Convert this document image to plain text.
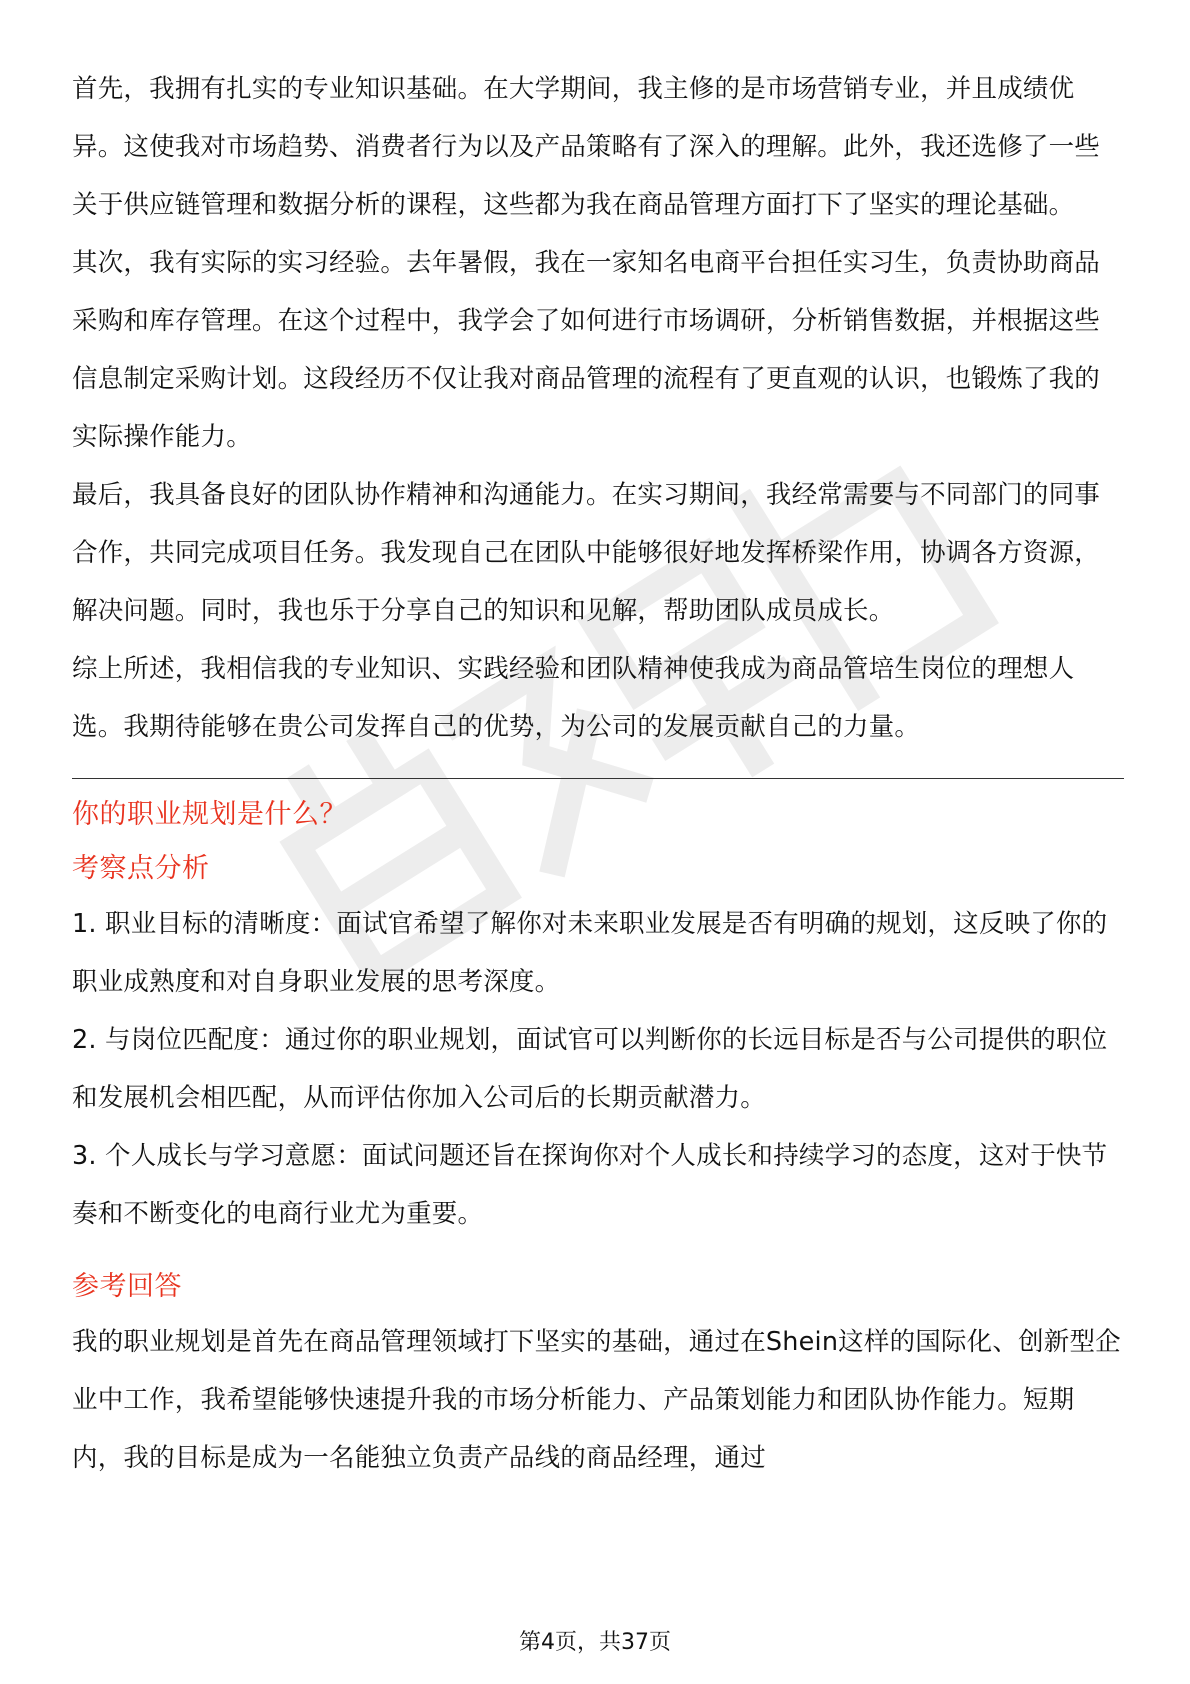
首先，我拥有扎实的专业知识基础。在大学期间，我主修的是市场营销专业，并且成绩优异。这使我对市场趋势、消费者行为以及产品策略有了深入的理解。此外，我还选修了一些关于供应链管理和数据分析的课程，这些都为我在商品管理方面打下了坚实的理论基础。

其次，我有实际的实习经验。去年暑假，我在一家知名电商平台担任实习生，负责协助商品采购和库存管理。在这个过程中，我学会了如何进行市场调研，分析销售数据，并根据这些信息制定采购计划。这段经历不仅让我对商品管理的流程有了更直观的认识，也锻炼了我的实际操作能力。

最后，我具备良好的团队协作精神和沟通能力。在实习期间，我经常需要与不同部门的同事合作，共同完成项目任务。我发现自己在团队中能够很好地发挥桥梁作用，协调各方资源，解决问题。同时，我也乐于分享自己的知识和见解，帮助团队成员成长。

综上所述，我相信我的专业知识、实践经验和团队精神使我成为商品管培生岗位的理想人选。我期待能够在贵公司发挥自己的优势，为公司的发展贡献自己的力量。

你的职业规划是什么？
考察点分析

1. 职业目标的清晰度：面试官希望了解你对未来职业发展是否有明确的规划，这反映了你的职业成熟度和对自身职业发展的思考深度。

2. 与岗位匹配度：通过你的职业规划，面试官可以判断你的长远目标是否与公司提供的职位和发展机会相匹配，从而评估你加入公司后的长期贡献潜力。

3. 个人成长与学习意愿：面试问题还旨在探询你对个人成长和持续学习的态度，这对于快节奏和不断变化的电商行业尤为重要。

参考回答

我的职业规划是首先在商品管理领域打下坚实的基础，通过在Shein这样的国际化、创新型企业中工作，我希望能够快速提升我的市场分析能力、产品策划能力和团队协作能力。短期内，我的目标是成为一名能独立负责产品线的商品经理，通过

第4页，共37页
